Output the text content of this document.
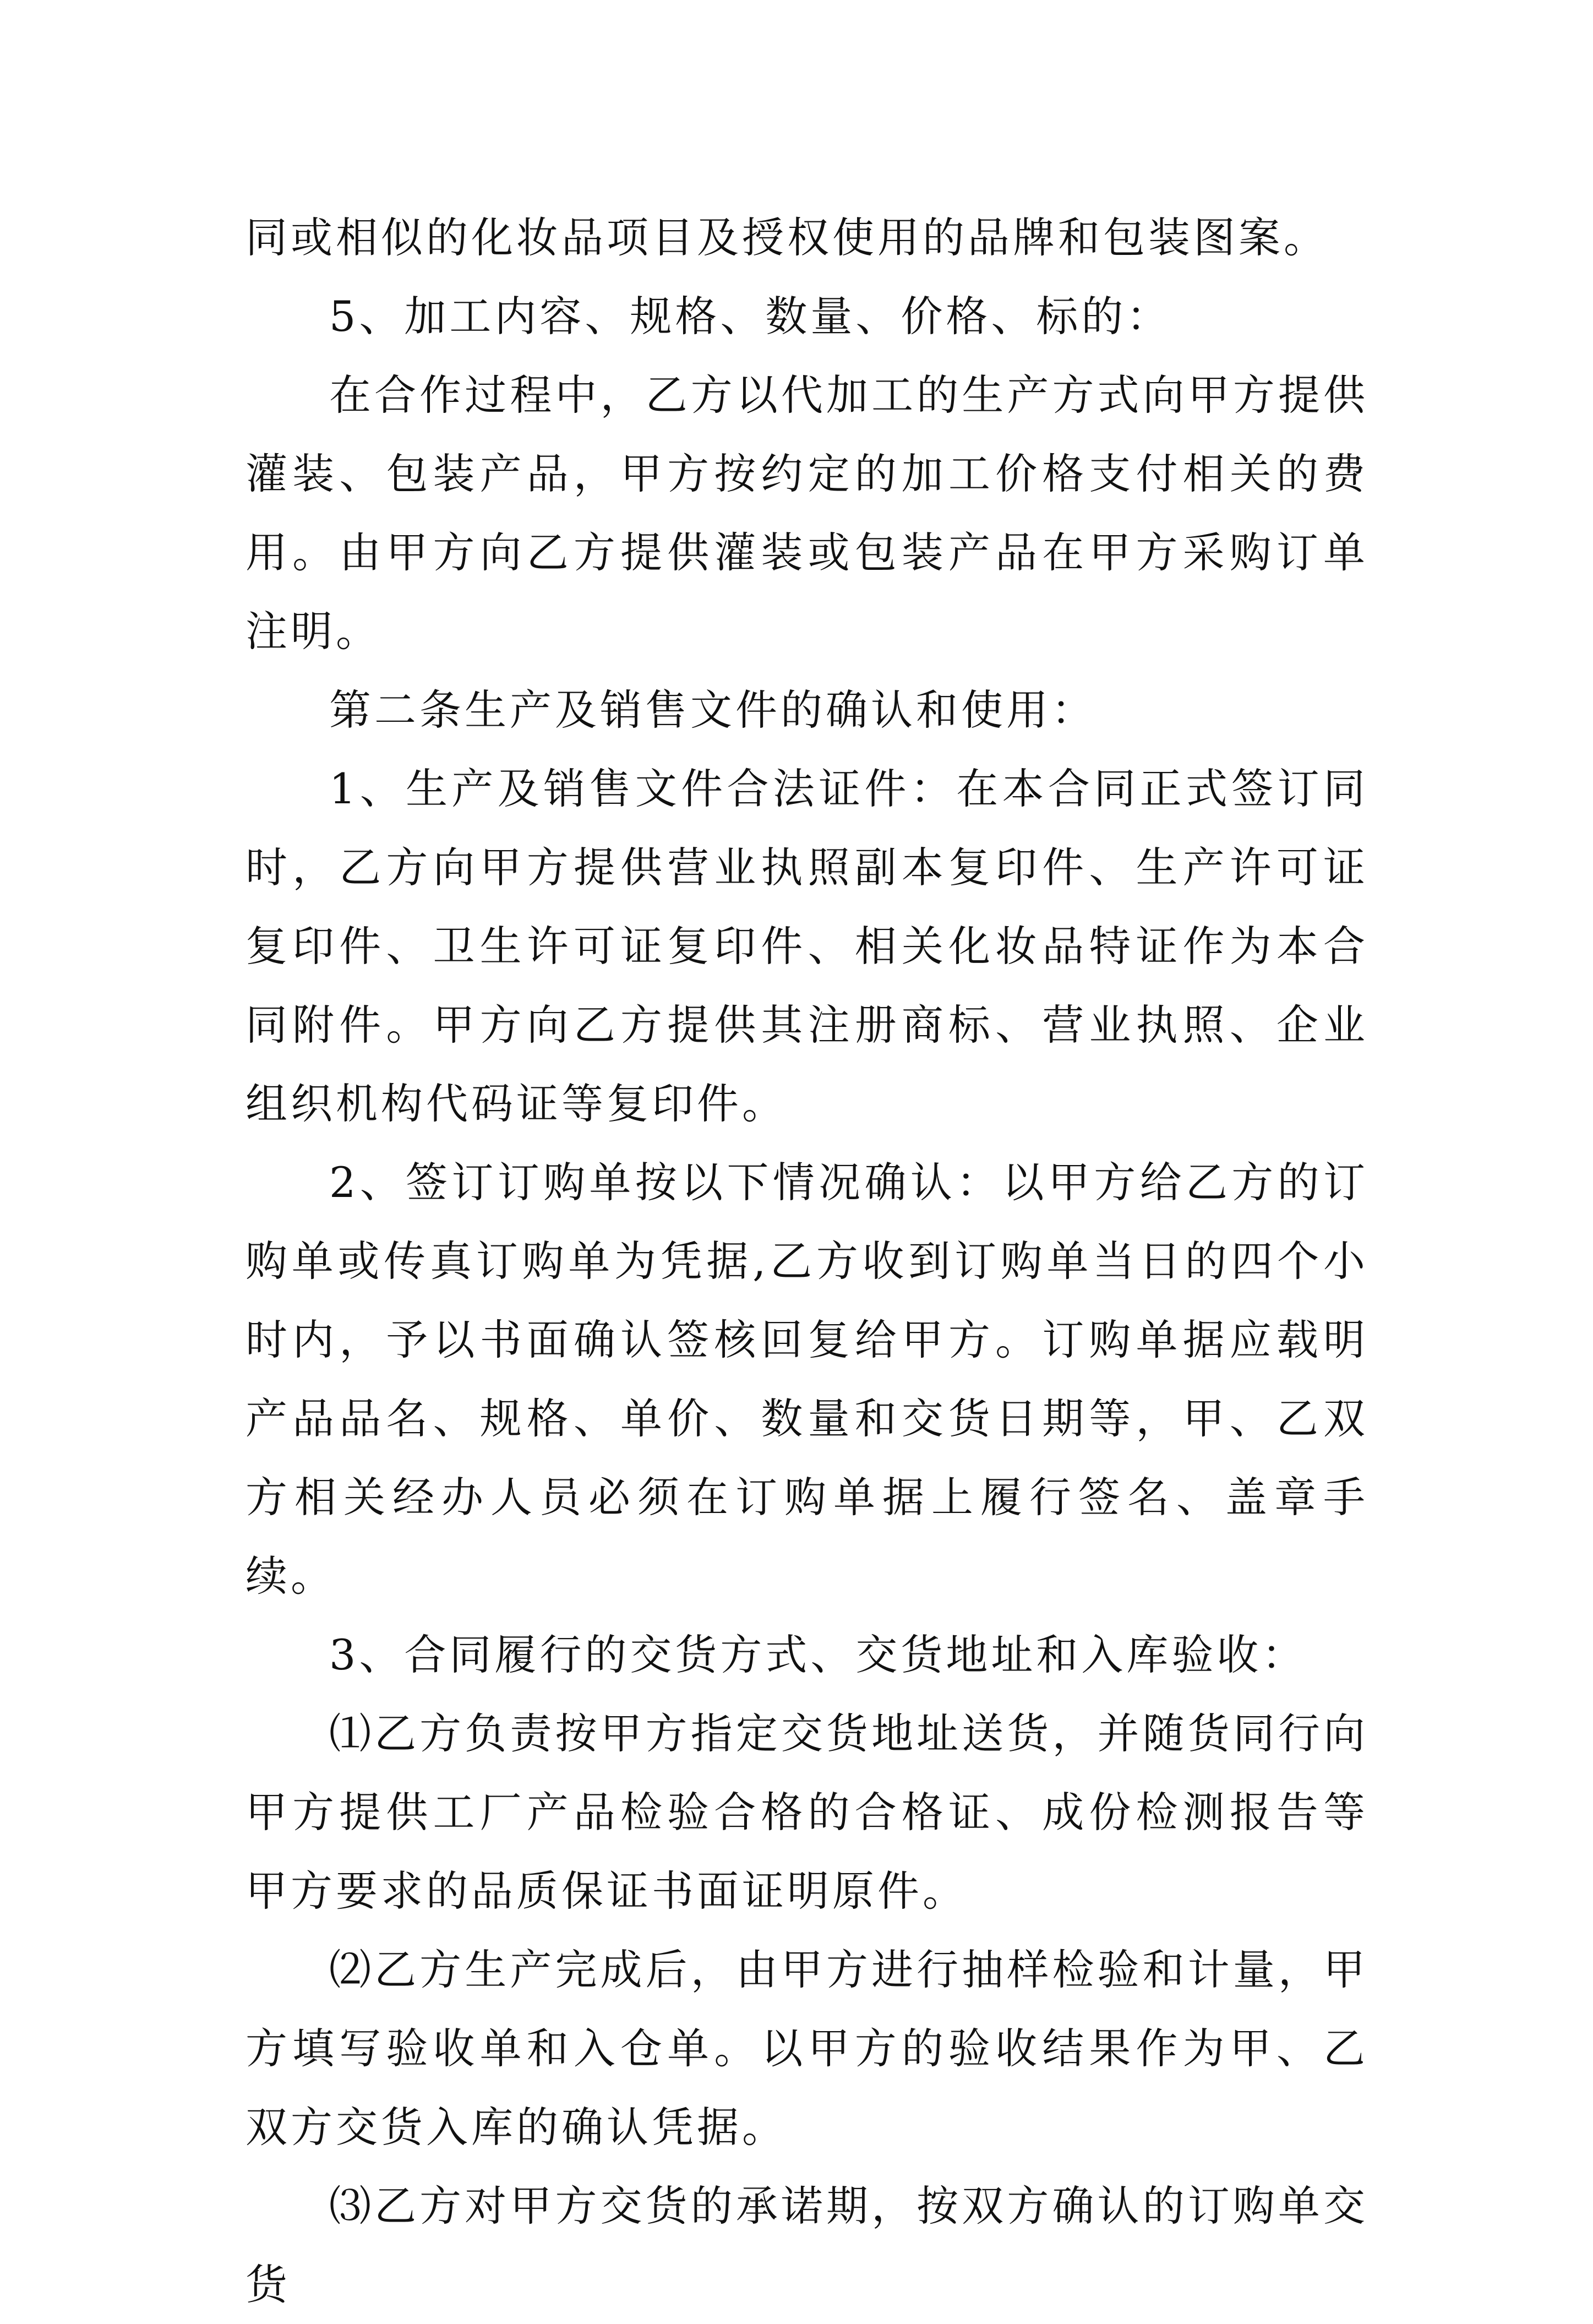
同或相似的化妆品项目及授权使用的品牌和包装图案。

5、加工内容、规格、数量、价格、标的：

在合作过程中，乙方以代加工的生产方式向甲方提供灌装、包装产品，甲方按约定的加工价格支付相关的费用。由甲方向乙方提供灌装或包装产品在甲方采购订单注明。

第二条生产及销售文件的确认和使用：

1、生产及销售文件合法证件：在本合同正式签订同时，乙方向甲方提供营业执照副本复印件、生产许可证复印件、卫生许可证复印件、相关化妆品特证作为本合同附件。甲方向乙方提供其注册商标、营业执照、企业组织机构代码证等复印件。

2、签订订购单按以下情况确认：以甲方给乙方的订购单或传真订购单为凭据,乙方收到订购单当日的四个小时内，予以书面确认签核回复给甲方。订购单据应载明产品品名、规格、单价、数量和交货日期等，甲、乙双方相关经办人员必须在订购单据上履行签名、盖章手续。

3、合同履行的交货方式、交货地址和入库验收：

⑴乙方负责按甲方指定交货地址送货，并随货同行向甲方提供工厂产品检验合格的合格证、成份检测报告等甲方要求的品质保证书面证明原件。

⑵乙方生产完成后，由甲方进行抽样检验和计量，甲方填写验收单和入仓单。以甲方的验收结果作为甲、乙双方交货入库的确认凭据。

⑶乙方对甲方交货的承诺期，按双方确认的订购单交货
